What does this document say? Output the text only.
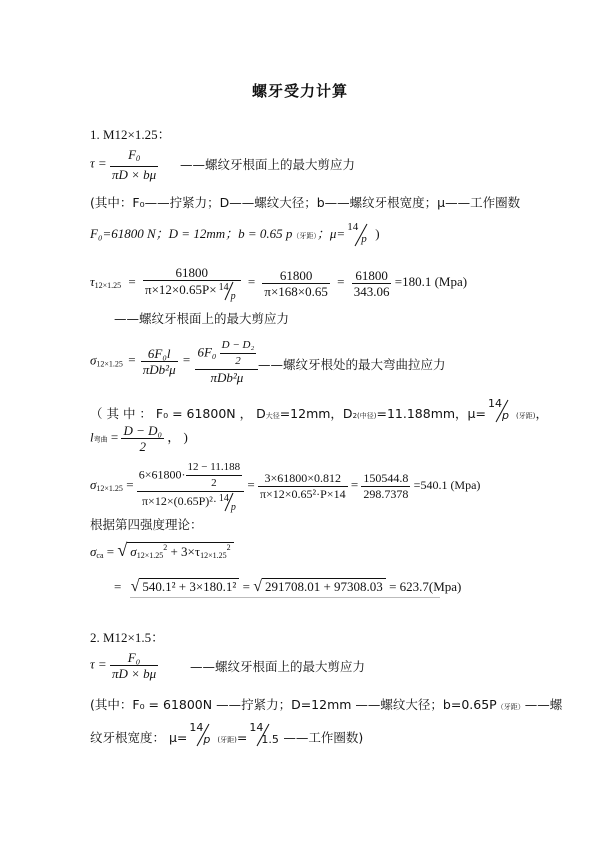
螺牙受力计算
1. M12×1.25：
$\tau = \frac{F_0}{\pi D \times b\mu}$ ——螺纹牙根面上的最大剪应力
(其中：F₀——拧紧力；D——螺纹大径；b——螺纹牙根宽度；μ——工作圈数
F₀=61800 N；D = 12mm；b = 0.65 p（牙距）；μ= 14
p )
$\tau_{12\times 1.25} = 61800$
π×12×0.65P× 14
$p = \frac{61800}{\pi\times 168\times 0.65} = \frac{61800}{343.06} =180.1$ (Mpa)
——螺纹牙根面上的最大剪应力
$\sigma_{12\times 1.25} = \frac{\text{6F₀l}}{\text{πDb²μ}} = \frac{6F_0 \frac{\text{D − D₂}}{2}}{\text{πDb²μ}}$ ——螺纹牙根处的最大弯曲拉应力
（ 其 中 ： F₀ = 61800N ， D大径=12mm，D2(中径)=11.188mm，μ=
14
p (牙距)，
l弯曲 = $\frac{\text{D − D₀}}{2}$ ， )
$\sigma_{12\times 1.25} = 6\times 61800\cdot \frac{12 - 11.188}{2}$
π×12×(0.65P)²· 14
$p = \frac{3\times 61800\times 0.812}{\text{π×12×0.65²·P×14}} = \frac{150544.8}{298.7378} =540.1$ (Mpa)
根据第四强度理论：
$\sigma_{ca}$ = √ $\sigma_{12\times 1.25}^2 + 3\times\tau_{12\times 1.25}^2$
= √ 540.1² + 3×180.1² = √ 291708.01 + 97308.03 = 623.7(Mpa)
2. M12×1.5：
$\tau = \frac{\text{F₀}}{\pi D \times b\mu}$	——螺纹牙根面上的最大剪应力
(其中：F₀ = 61800N ——拧紧力；D=12mm ——螺纹大径；b=0.65P（牙距）——螺
纹牙根宽度： μ=
14
p (牙距)=
14
1.5 ——工作圈数)
